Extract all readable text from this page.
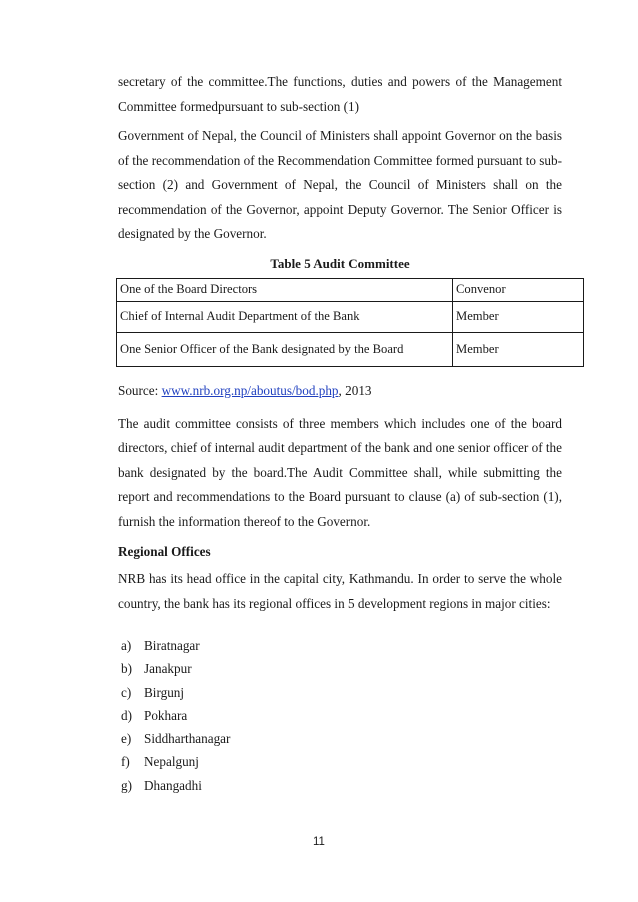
secretary of the committee.The functions, duties and powers of the Management Committee formedpursuant to sub-section (1)

Government of Nepal, the Council of Ministers shall appoint Governor on the basis of the recommendation of the Recommendation Committee formed pursuant to sub-section (2) and Government of Nepal, the Council of Ministers shall on the recommendation of the Governor, appoint Deputy Governor. The Senior Officer is designated by the Governor.

Table 5 Audit Committee
One of the Board Directors	Convenor
Chief of Internal Audit Department of the Bank	Member
One Senior Officer of the Bank designated by the Board	Member

Source: www.nrb.org.np/aboutus/bod.php, 2013

The audit committee consists of three members which includes one of the board directors, chief of internal audit department of the bank and one senior officer of the bank designated by the board.The Audit Committee shall, while submitting the report and recommendations to the Board pursuant to clause (a) of sub-section (1), furnish the information thereof to the Governor.

Regional Offices

NRB has its head office in the capital city, Kathmandu. In order to serve the whole country, the bank has its regional offices in 5 development regions in major cities:

a) Biratnagar
b) Janakpur
c) Birgunj
d) Pokhara
e) Siddharthanagar
f) Nepalgunj
g) Dhangadhi
11
